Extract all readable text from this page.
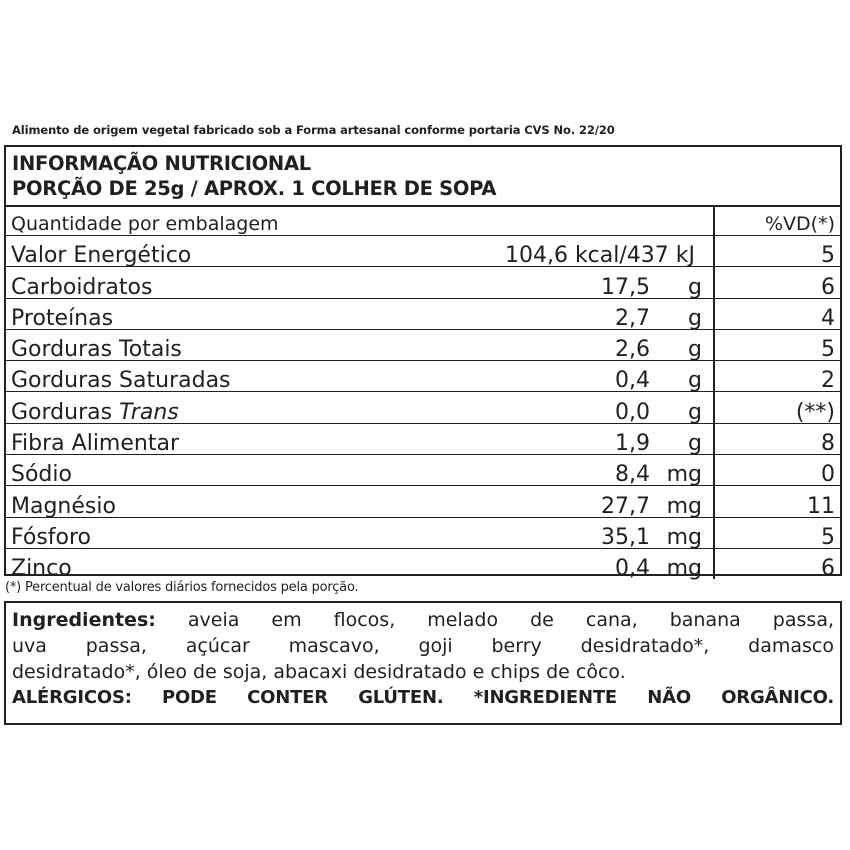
Alimento de origem vegetal fabricado sob a Forma artesanal conforme portaria CVS No. 22/20
INFORMAÇÃO NUTRICIONAL
PORÇÃO DE 25g / APROX. 1 COLHER DE SOPA
Quantidade por embalagem	%VD(*)
Valor Energético	104,6 kcal/437 kJ	5
Carboidratos	17,5	g	6
Proteínas	2,7	g	4
Gorduras Totais	2,6	g	5
Gorduras Saturadas	0,4	g	2
Gorduras Trans	0,0	g	(**)
Fibra Alimentar	1,9	g	8
Sódio	8,4 mg	0
Magnésio	27,7 mg	11
Fósforo	35,1 mg	5
Zinco	0,4 mg	6
(*) Percentual de valores diários fornecidos pela porção.

Ingredientes: aveia em flocos, melado de cana, banana passa,

uva passa, açúcar mascavo, goji berry desidratado*, damasco

desidratado*, óleo de soja, abacaxi desidratado e chips de côco.

ALÉRGICOS: PODE CONTER GLÚTEN. *INGREDIENTE NÃO ORGÂNICO.
